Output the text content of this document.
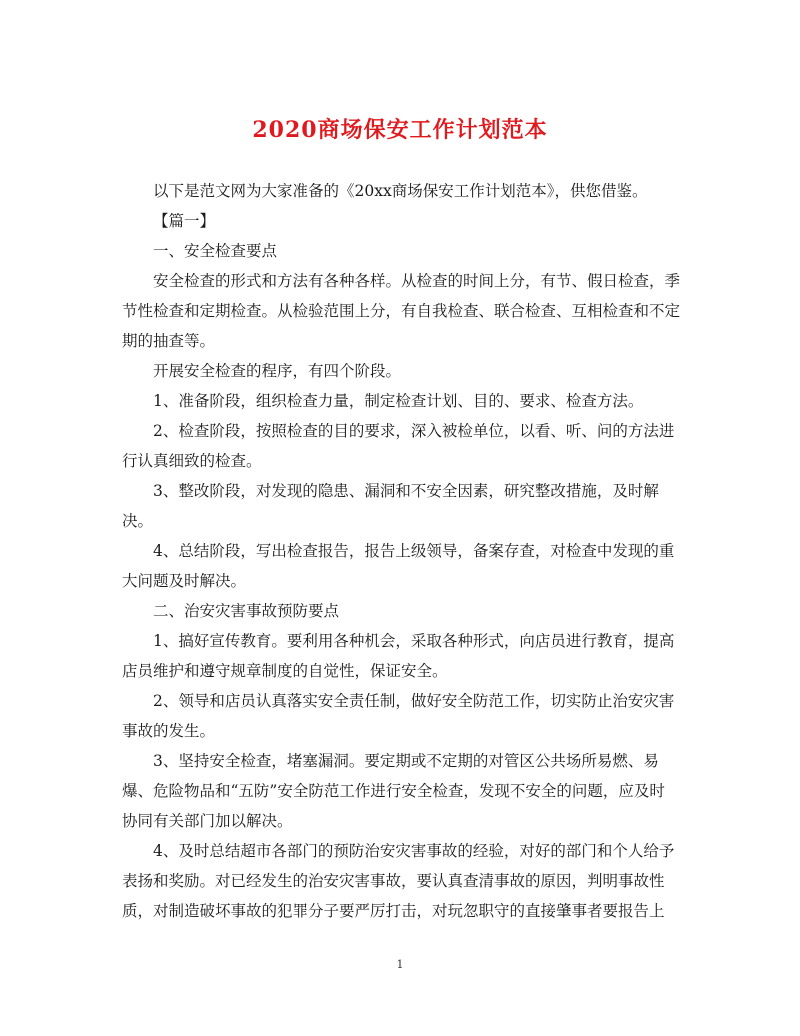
2020商场保安工作计划范本

以下是范文网为大家准备的《20xx商场保安工作计划范本》，供您借鉴。

【篇一】

一、安全检查要点

安全检查的形式和方法有各种各样。从检查的时间上分，有节、假日检查，季节性检查和定期检查。从检验范围上分，有自我检查、联合检查、互相检查和不定期的抽查等。

开展安全检查的程序，有四个阶段。

1、准备阶段，组织检查力量，制定检查计划、目的、要求、检查方法。

2、检查阶段，按照检查的目的要求，深入被检单位，以看、听、问的方法进行认真细致的检查。

3、整改阶段，对发现的隐患、漏洞和不安全因素，研究整改措施，及时解决。

4、总结阶段，写出检查报告，报告上级领导，备案存查，对检查中发现的重大问题及时解决。

二、治安灾害事故预防要点

1、搞好宣传教育。要利用各种机会，采取各种形式，向店员进行教育，提高店员维护和遵守规章制度的自觉性，保证安全。

2、领导和店员认真落实安全责任制，做好安全防范工作，切实防止治安灾害事故的发生。

3、坚持安全检查，堵塞漏洞。要定期或不定期的对管区公共场所易燃、易爆、危险物品和“五防”安全防范工作进行安全检查，发现不安全的问题，应及时协同有关部门加以解决。

4、及时总结超市各部门的预防治安灾害事故的经验，对好的部门和个人给予表扬和奖励。对已经发生的治安灾害事故，要认真查清事故的原因，判明事故性质，对制造破坏事故的犯罪分子要严厉打击，对玩忽职守的直接肇事者要报告上

1
